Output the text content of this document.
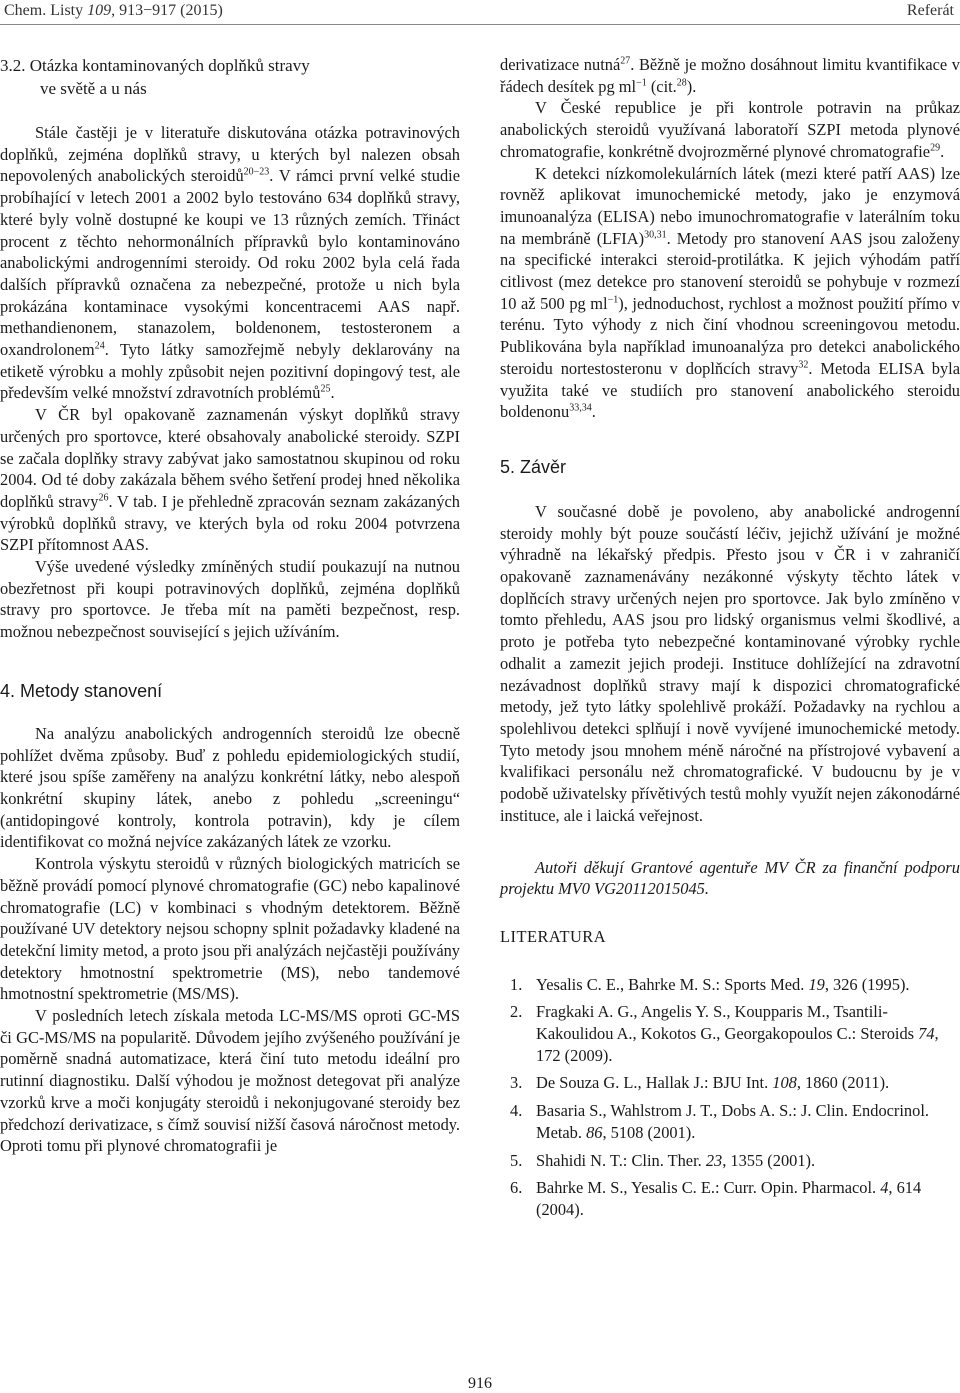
Chem. Listy 109, 913−917 (2015)	Referát
3.2. Otázka kontaminovaných doplňků stravy
ve světě a u nás

Stále častěji je v literatuře diskutována otázka potravinových doplňků, zejména doplňků stravy, u kterých byl nalezen obsah nepovolených anabolických steroidů$^{20-23}$. V rámci první velké studie probíhající v letech 2001 a 2002 bylo testováno 634 doplňků stravy, které byly volně dostupné ke koupi ve 13 různých zemích. Třináct procent z těchto nehormonálních přípravků bylo kontaminováno anabolickými androgenními steroidy. Od roku 2002 byla celá řada dalších přípravků označena za nebezpečné, protože u nich byla prokázána kontaminace vysokými koncentracemi AAS např. methandienonem, stanazolem, boldenonem, testosteronem a oxandrolonem$^{24}$. Tyto látky samozřejmě nebyly deklarovány na etiketě výrobku a mohly způsobit nejen pozitivní dopingový test, ale především velké množství zdravotních problémů$^{25}$.

V ČR byl opakovaně zaznamenán výskyt doplňků stravy určených pro sportovce, které obsahovaly anabolické steroidy. SZPI se začala doplňky stravy zabývat jako samostatnou skupinou od roku 2004. Od té doby zakázala během svého šetření prodej hned několika doplňků stravy$^{26}$. V tab. I je přehledně zpracován seznam zakázaných výrobků doplňků stravy, ve kterých byla od roku 2004 potvrzena SZPI přítomnost AAS.

Výše uvedené výsledky zmíněných studií poukazují na nutnou obezřetnost při koupi potravinových doplňků, zejména doplňků stravy pro sportovce. Je třeba mít na paměti bezpečnost, resp. možnou nebezpečnost související s jejich užíváním.

4. Metody stanovení

Na analýzu anabolických androgenních steroidů lze obecně pohlížet dvěma způsoby. Buď z pohledu epidemiologických studií, které jsou spíše zaměřeny na analýzu konkrétní látky, nebo alespoň konkrétní skupiny látek, anebo z pohledu „screeningu“ (antidopingové kontroly, kontrola potravin), kdy je cílem identifikovat co možná nejvíce zakázaných látek ze vzorku.

Kontrola výskytu steroidů v různých biologických matricích se běžně provádí pomocí plynové chromatografie (GC) nebo kapalinové chromatografie (LC) v kombinaci s vhodným detektorem. Běžně používané UV detektory nejsou schopny splnit požadavky kladené na detekční limity metod, a proto jsou při analýzách nejčastěji používány detektory hmotnostní spektrometrie (MS), nebo tandemové hmotnostní spektrometrie (MS/MS).

V posledních letech získala metoda LC-MS/MS oproti GC-MS či GC-MS/MS na popularitě. Důvodem jejího zvýšeného používání je poměrně snadná automatizace, která činí tuto metodu ideální pro rutinní diagnostiku. Další výhodou je možnost detegovat při analýze vzorků krve a moči konjugáty steroidů i nekonjugované steroidy bez předchozí derivatizace, s čímž souvisí nižší časová náročnost metody. Oproti tomu při plynové chromatografii je

derivatizace nutná$^{27}$. Běžně je možno dosáhnout limitu kvantifikace v řádech desítek pg $ml^{-1}$ (cit.$^{28}$).

V České republice je při kontrole potravin na průkaz anabolických steroidů využívaná laboratoří SZPI metoda plynové chromatografie, konkrétně dvojrozměrné plynové chromatografie$^{29}$.

K detekci nízkomolekulárních látek (mezi které patří AAS) lze rovněž aplikovat imunochemické metody, jako je enzymová imunoanalýza (ELISA) nebo imunochromatografie v laterálním toku na membráně (LFIA)$^{30,31}$. Metody pro stanovení AAS jsou založeny na specifické interakci steroid-protilátka. K jejich výhodám patří citlivost (mez detekce pro stanovení steroidů se pohybuje v rozmezí 10 až 500 pg $ml^{-1}$), jednoduchost, rychlost a možnost použití přímo v terénu. Tyto výhody z nich činí vhodnou screeningovou metodu. Publikována byla například imunoanalýza pro detekci anabolického steroidu nortestosteronu v doplňcích stravy$^{32}$. Metoda ELISA byla využita také ve studiích pro stanovení anabolického steroidu boldenonu$^{33,34}$.

5. Závěr

V současné době je povoleno, aby anabolické androgenní steroidy mohly být pouze součástí léčiv, jejichž užívání je možné výhradně na lékařský předpis. Přesto jsou v ČR i v zahraničí opakovaně zaznamenávány nezákonné výskyty těchto látek v doplňcích stravy určených nejen pro sportovce. Jak bylo zmíněno v tomto přehledu, AAS jsou pro lidský organismus velmi škodlivé, a proto je potřeba tyto nebezpečné kontaminované výrobky rychle odhalit a zamezit jejich prodeji. Instituce dohlížející na zdravotní nezávadnost doplňků stravy mají k dispozici chromatografické metody, jež tyto látky spolehlivě prokáží. Požadavky na rychlou a spolehlivou detekci splňují i nově vyvíjené imunochemické metody. Tyto metody jsou mnohem méně náročné na přístrojové vybavení a kvalifikaci personálu než chromatografické. V budoucnu by je v podobě uživatelsky přívětivých testů mohly využít nejen zákonodárné instituce, ale i laická veřejnost.

Autoři děkují Grantové agentuře MV ČR za finanční podporu projektu MV0 VG20112015045.

LITERATURA

1. Yesalis C. E., Bahrke M. S.: Sports Med. 19, 326 (1995).
2. Fragkaki A. G., Angelis Y. S., Koupparis M., Tsantili-Kakoulidou A., Kokotos G., Georgakopoulos C.: Steroids 74, 172 (2009).
3. De Souza G. L., Hallak J.: BJU Int. 108, 1860 (2011).
4. Basaria S., Wahlstrom J. T., Dobs A. S.: J. Clin. Endocrinol. Metab. 86, 5108 (2001).
5. Shahidi N. T.: Clin. Ther. 23, 1355 (2001).
6. Bahrke M. S., Yesalis C. E.: Curr. Opin. Pharmacol. 4, 614 (2004).
916
